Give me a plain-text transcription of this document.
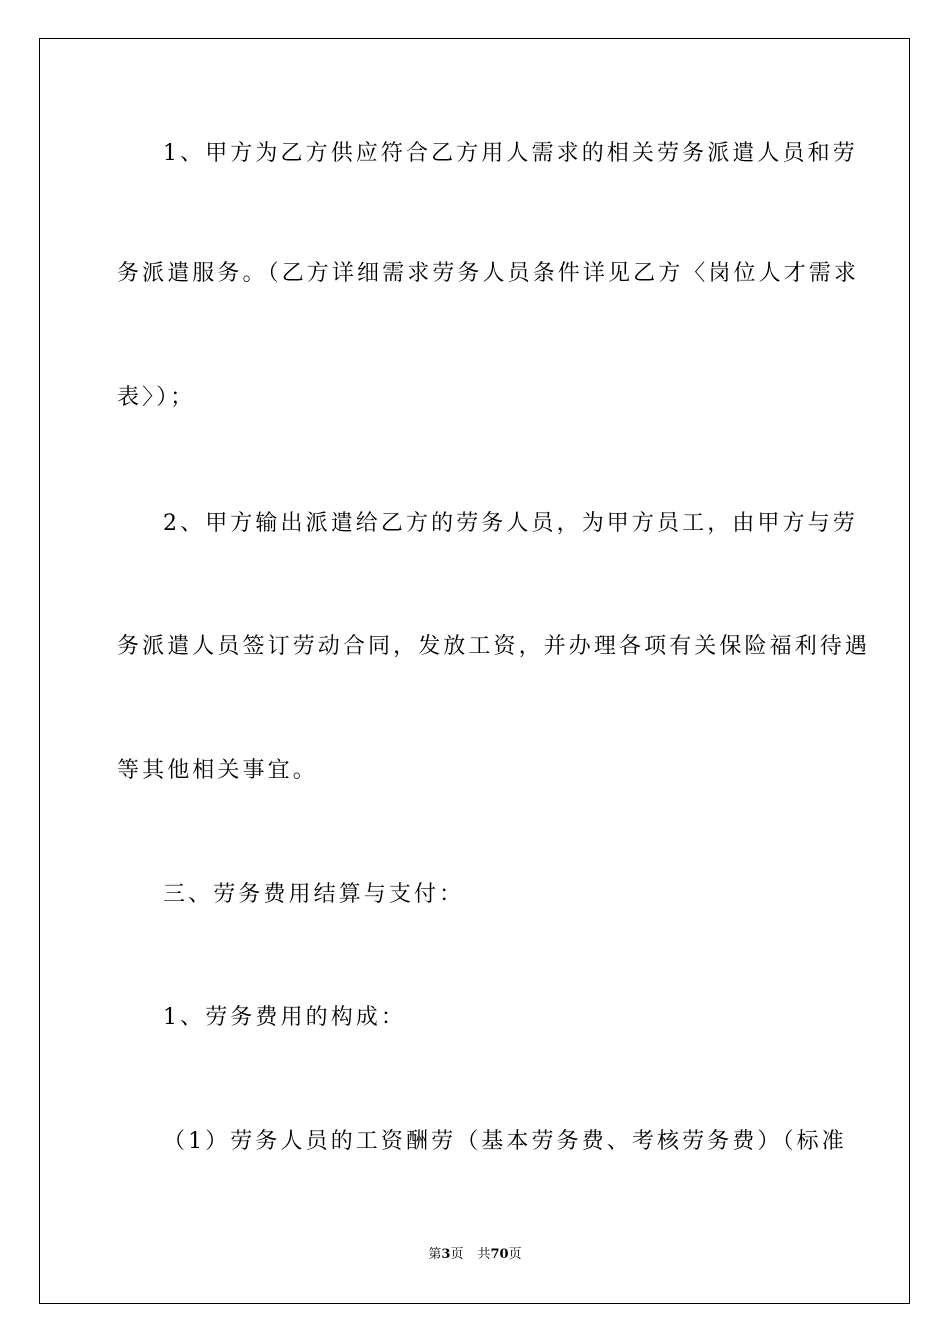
1、甲方为乙方供应符合乙方用人需求的相关劳务派遣人员和劳
务派遣服务。（乙方详细需求劳务人员条件详见乙方〈岗位人才需求
表〉）；
2、甲方输出派遣给乙方的劳务人员，为甲方员工，由甲方与劳
务派遣人员签订劳动合同，发放工资，并办理各项有关保险福利待遇
等其他相关事宜。
三、劳务费用结算与支付：
1、劳务费用的构成：
（1）劳务人员的工资酬劳（基本劳务费、考核劳务费）（标准
第3页 共70页
